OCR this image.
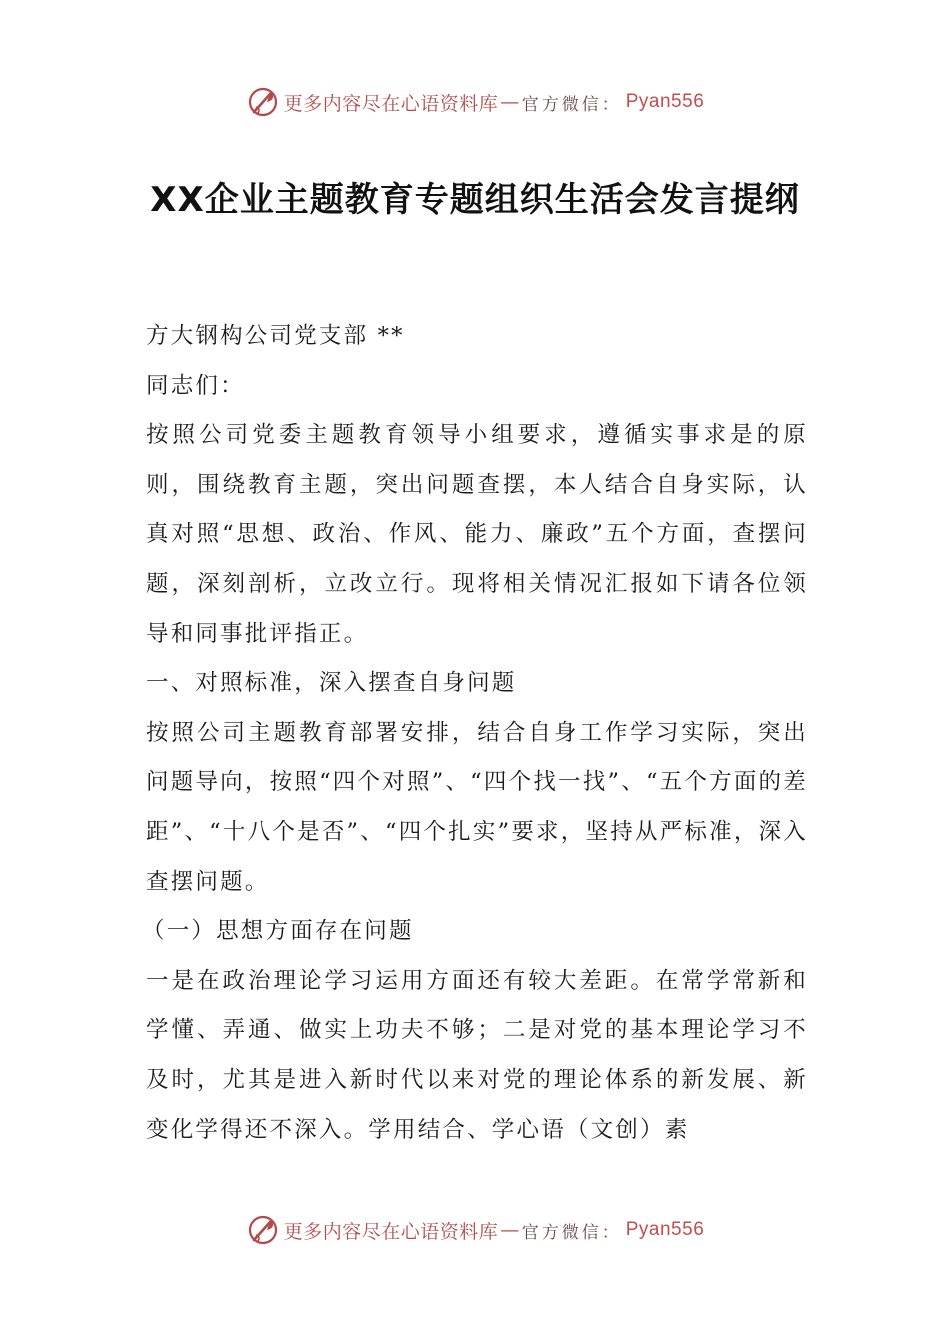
更多内容尽在心语资料库 — 官方微信： Pyan556
XX企业主题教育专题组织生活会发言提纲

方大钢构公司党支部 **

同志们：

按照公司党委主题教育领导小组要求，遵循实事求是的原则，围绕教育主题，突出问题查摆，本人结合自身实际，认真对照“思想、政治、作风、能力、廉政”五个方面，查摆问题，深刻剖析，立改立行。现将相关情况汇报如下请各位领导和同事批评指正。

一、对照标准，深入摆查自身问题

按照公司主题教育部署安排，结合自身工作学习实际，突出问题导向，按照“四个对照”、“四个找一找”、“五个方面的差距”、“十八个是否”、“四个扎实”要求，坚持从严标准，深入查摆问题。

（一）思想方面存在问题

一是在政治理论学习运用方面还有较大差距。在常学常新和学懂、弄通、做实上功夫不够；二是对党的基本理论学习不及时，尤其是进入新时代以来对党的理论体系的新发展、新变化学得还不深入。学用结合、学心语（文创）素

更多内容尽在心语资料库 — 官方微信： Pyan556
